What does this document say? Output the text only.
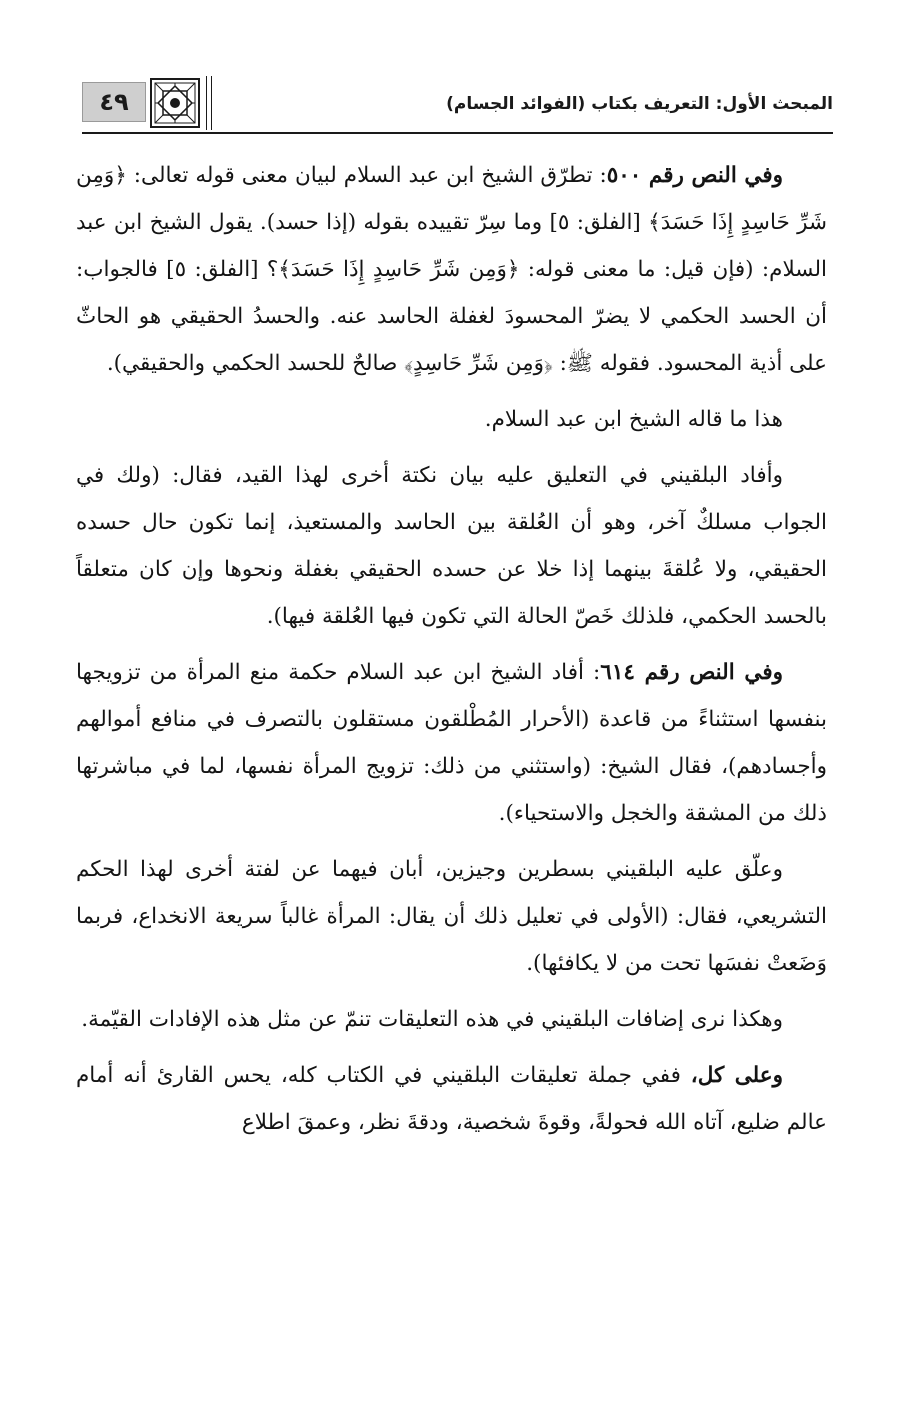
المبحث الأول: التعريف بكتاب (الفوائد الجسام)
٤٩

وفي النص رقم ٥٠٠: تطرّق الشيخ ابن عبد السلام لبيان معنى قوله تعالى: ﴿وَمِن شَرِّ حَاسِدٍ إِذَا حَسَدَ﴾ [الفلق: ٥] وما سِرّ تقييده بقوله (إذا حسد). يقول الشيخ ابن عبد السلام: (فإن قيل: ما معنى قوله: ﴿وَمِن شَرِّ حَاسِدٍ إِذَا حَسَدَ﴾؟ [الفلق: ٥] فالجواب: أن الحسد الحكمي لا يضرّ المحسودَ لغفلة الحاسد عنه. والحسدُ الحقيقي هو الحاثّ على أذية المحسود. فقوله ﷺ: ﴿وَمِن شَرِّ حَاسِدٍ﴾ صالحٌ للحسد الحكمي والحقيقي).

هذا ما قاله الشيخ ابن عبد السلام.

وأفاد البلقيني في التعليق عليه بيان نكتة أخرى لهذا القيد، فقال: (ولك في الجواب مسلكٌ آخر، وهو أن العُلقة بين الحاسد والمستعيذ، إنما تكون حال حسده الحقيقي، ولا عُلقةَ بينهما إذا خلا عن حسده الحقيقي بغفلة ونحوها وإن كان متعلقاً بالحسد الحكمي، فلذلك خَصّ الحالة التي تكون فيها العُلقة فيها).

وفي النص رقم ٦١٤: أفاد الشيخ ابن عبد السلام حكمة منع المرأة من تزويجها بنفسها استثناءً من قاعدة (الأحرار المُطْلقون مستقلون بالتصرف في منافع أموالهم وأجسادهم)، فقال الشيخ: (واستثني من ذلك: تزويج المرأة نفسها، لما في مباشرتها ذلك من المشقة والخجل والاستحياء).

وعلّق عليه البلقيني بسطرين وجيزين، أبان فيهما عن لفتة أخرى لهذا الحكم التشريعي، فقال: (الأولى في تعليل ذلك أن يقال: المرأة غالباً سريعة الانخداع، فربما وَضَعتْ نفسَها تحت من لا يكافئها).

وهكذا نرى إضافات البلقيني في هذه التعليقات تنمّ عن مثل هذه الإفادات القيّمة.

وعلى كل، ففي جملة تعليقات البلقيني في الكتاب كله، يحس القارئ أنه أمام عالم ضليع، آتاه الله فحولةً، وقوةَ شخصية، ودقةَ نظر، وعمقَ اطلاع
